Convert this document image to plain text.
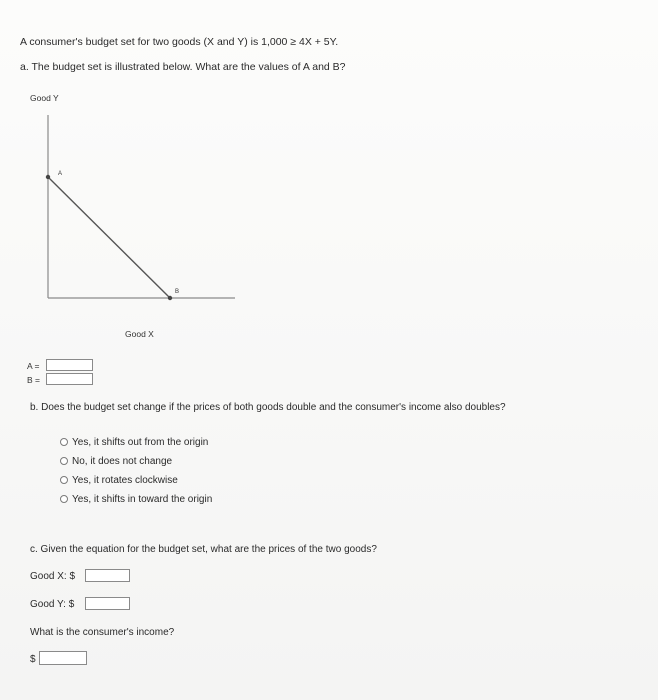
A consumer's budget set for two goods (X and Y) is 1,000 ≥ 4X + 5Y.
a. The budget set is illustrated below. What are the values of A and B?
Good Y
A
B
Good X
A =
B =
b. Does the budget set change if the prices of both goods double and the consumer's income also doubles?
Yes, it shifts out from the origin
No, it does not change
Yes, it rotates clockwise
Yes, it shifts in toward the origin
c. Given the equation for the budget set, what are the prices of the two goods?
Good X: $
Good Y: $
What is the consumer's income?
$
